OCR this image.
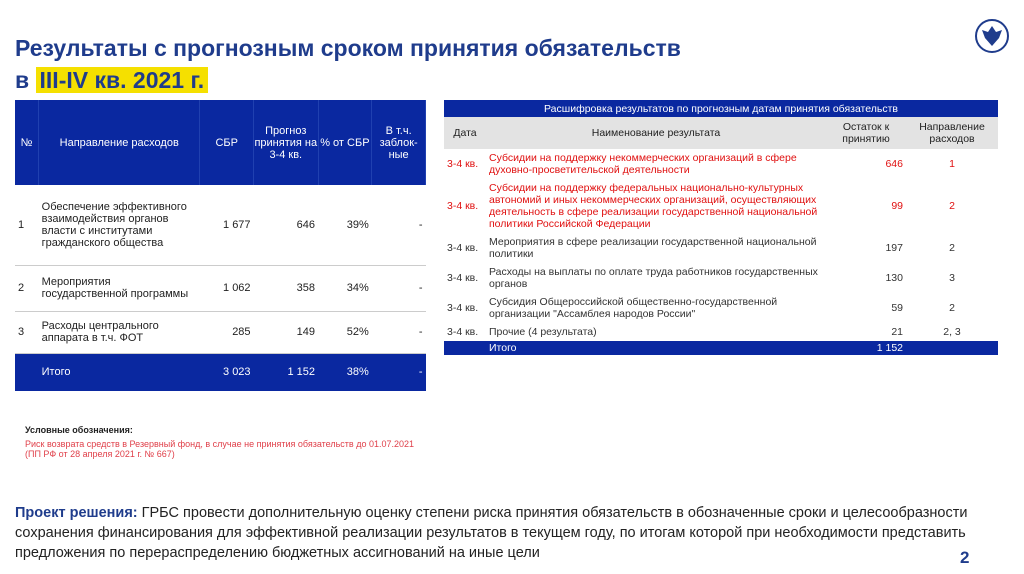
Результаты с прогнозным сроком принятия обязательств
в III-IV кв. 2021 г.
№	Направление расходов	СБР	Прогноз принятия на 3-4 кв.	% от СБР	В т.ч. заблок-ные
1	Обеспечение эффективного взаимодействия органов власти с институтами гражданского общества	1 677	646	39%	-
2	Мероприятия государственной программы	1 062	358	34%	-
3	Расходы центрального аппарата в т.ч. ФОТ	285	149	52%	-
	Итого	3 023	1 152	38%	-
Условные обозначения:

Риск возврата средств в Резервный фонд, в случае не принятия обязательств до 01.07.2021 (ПП РФ от 28 апреля 2021 г. № 667)

Расшифровка результатов по прогнозным датам принятия обязательств			
Дата	Наименование результата	Остаток к принятию	Направление расходов
3-4 кв.	Субсидии на поддержку некоммерческих организаций в сфере духовно-просветительской деятельности	646	1
3-4 кв.	Субсидии на поддержку федеральных национально-культурных автономий и иных некоммерческих организаций, осуществляющих деятельность в сфере реализации государственной национальной политики Российской Федерации	99	2
3-4 кв.	Мероприятия в сфере реализации государственной национальной политики	197	2
3-4 кв.	Расходы на выплаты по оплате труда работников государственных органов	130	3
3-4 кв.	Субсидия Общероссийской общественно-государственной организации "Ассамблея народов России"	59	2
3-4 кв.	Прочие (4 результата)	21	2, 3
	Итого	1 152	
Проект решения: ГРБС провести дополнительную оценку степени риска принятия обязательств в обозначенные сроки и целесообразности сохранения финансирования для эффективной реализации результатов в текущем году, по итогам которой при необходимости представить предложения по перераспределению бюджетных ассигнований на иные цели	2
